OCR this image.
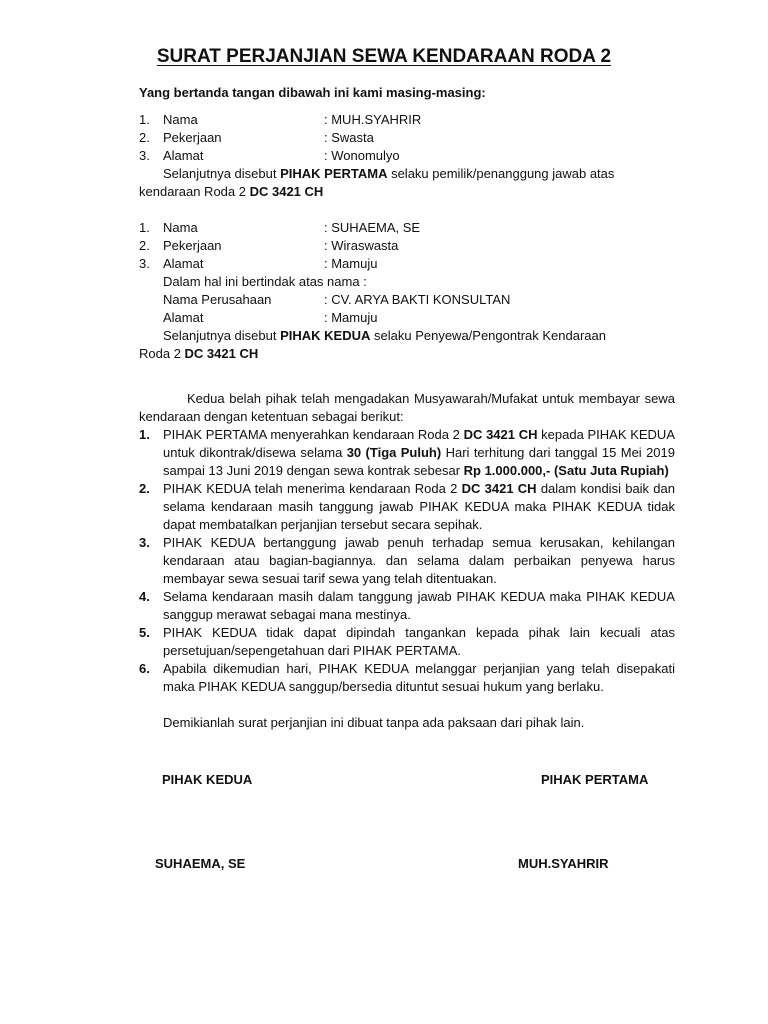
SURAT PERJANJIAN SEWA KENDARAAN RODA 2
Yang bertanda tangan dibawah ini kami masing-masing:
1.	Nama	: MUH.SYAHRIR
2.	Pekerjaan	: Swasta
3.	Alamat	: Wonomulyo
Selanjutnya disebut PIHAK PERTAMA selaku pemilik/penanggung jawab atas
kendaraan Roda 2 DC 3421 CH
1.	Nama	: SUHAEMA, SE
2.	Pekerjaan	: Wiraswasta
3.	Alamat	: Mamuju
Dalam hal ini bertindak atas nama :
Nama Perusahaan	: CV. ARYA BAKTI KONSULTAN
Alamat	: Mamuju
Selanjutnya disebut PIHAK KEDUA selaku Penyewa/Pengontrak Kendaraan
Roda 2 DC 3421 CH
Kedua belah pihak telah mengadakan Musyawarah/Mufakat untuk membayar sewa kendaraan dengan ketentuan sebagai berikut:
1.	PIHAK PERTAMA menyerahkan kendaraan Roda 2 DC 3421 CH kepada PIHAK KEDUA untuk dikontrak/disewa selama 30 (Tiga Puluh) Hari terhitung dari tanggal 15 Mei 2019 sampai 13 Juni 2019 dengan sewa kontrak sebesar Rp 1.000.000,- (Satu Juta Rupiah)
2.	PIHAK KEDUA telah menerima kendaraan Roda 2 DC 3421 CH dalam kondisi baik dan selama kendaraan masih tanggung jawab PIHAK KEDUA maka PIHAK KEDUA tidak dapat membatalkan perjanjian tersebut secara sepihak.
3.	PIHAK KEDUA bertanggung jawab penuh terhadap semua kerusakan, kehilangan kendaraan atau bagian-bagiannya. dan selama dalam perbaikan penyewa harus membayar sewa sesuai tarif sewa yang telah ditentuakan.
4.	Selama kendaraan masih dalam tanggung jawab PIHAK KEDUA maka PIHAK KEDUA sanggup merawat sebagai mana mestinya.
5.	PIHAK KEDUA tidak dapat dipindah tangankan kepada pihak lain kecuali atas persetujuan/sepengetahuan dari PIHAK PERTAMA.
6.	Apabila dikemudian hari, PIHAK KEDUA melanggar perjanjian yang telah disepakati maka PIHAK KEDUA sanggup/bersedia dituntut sesuai hukum yang berlaku.
Demikianlah surat perjanjian ini dibuat tanpa ada paksaan dari pihak lain.
PIHAK KEDUA	PIHAK PERTAMA
SUHAEMA, SE	MUH.SYAHRIR
